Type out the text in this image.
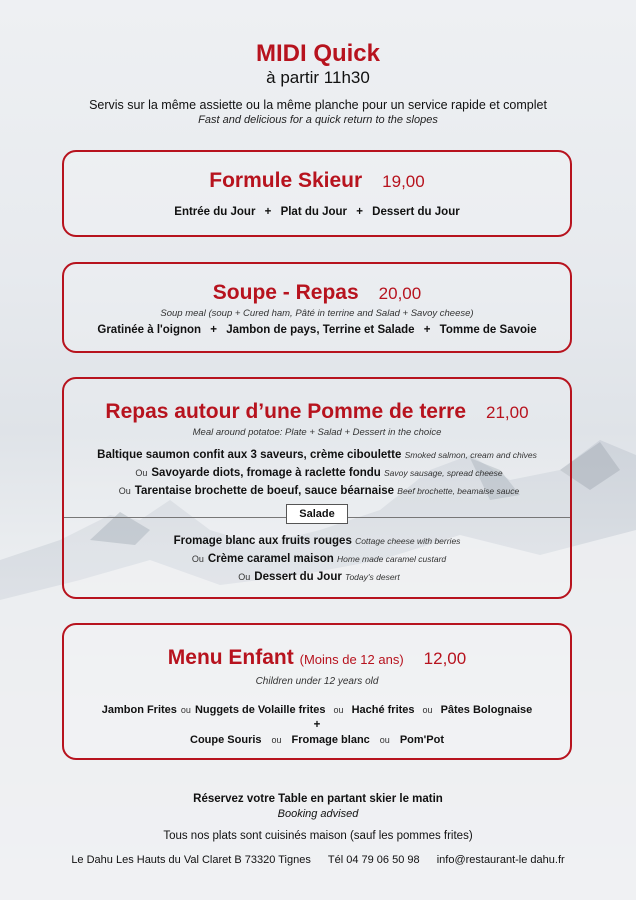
MIDI Quick
à partir 11h30
Servis sur la même assiette ou la même planche pour un service rapide et complet
Fast and delicious for a quick return to the slopes
Formule Skieur 19,00
Entrée du Jour + Plat du Jour + Dessert du Jour
Soupe - Repas 20,00
Soup meal (soup + Cured ham, Pâté in terrine and Salad + Savoy cheese)
Gratinée à l'oignon + Jambon de pays, Terrine et Salade + Tomme de Savoie
Repas autour d’une Pomme de terre 21,00
Meal around potatoe: Plate + Salad + Dessert in the choice
Baltique saumon confit aux 3 saveurs, crème ciboulette Smoked salmon, cream and chives
Ou Savoyarde diots, fromage à raclette fondu Savoy sausage, spread cheese
Ou Tarentaise brochette de boeuf, sauce béarnaise Beef brochette, beamaise sauce
Salade
Fromage blanc aux fruits rouges Cottage cheese with berries
Ou Crème caramel maison Home made caramel custard
Ou Dessert du Jour Today's desert
Menu Enfant (Moins de 12 ans) 12,00
Children under 12 years old
Jambon Frites ou Nuggets de Volaille frites ou Haché frites ou Pâtes Bolognaise
+
Coupe Souris ou Fromage blanc ou Pom'Pot
Réservez votre Table en partant skier le matin
Booking advised
Tous nos plats sont cuisinés maison (sauf les pommes frites)
Le Dahu Les Hauts du Val Claret B 73320 Tignes Tél 04 79 06 50 98 info@restaurant-le dahu.fr
